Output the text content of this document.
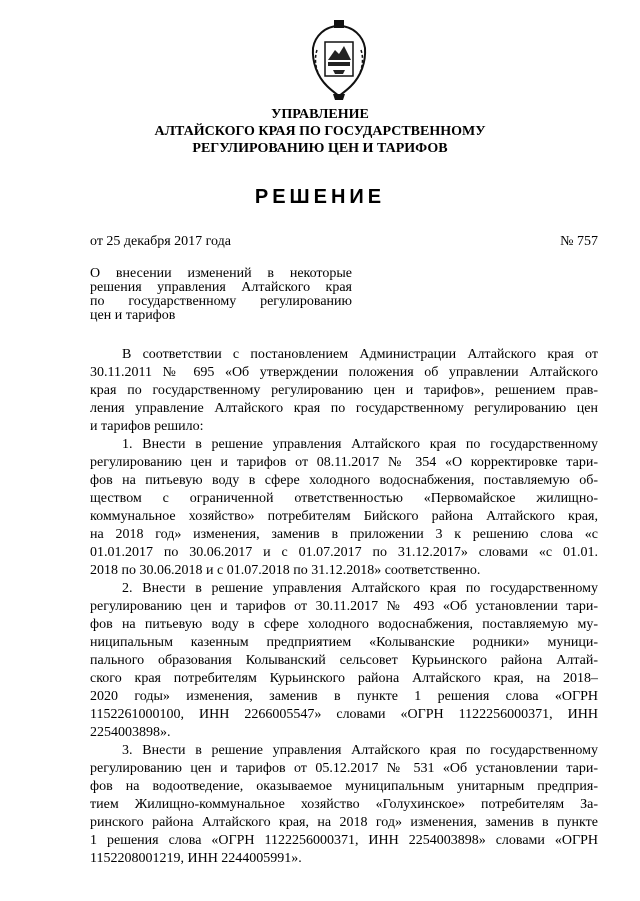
УПРАВЛЕНИЕ
АЛТАЙСКОГО КРАЯ ПО ГОСУДАРСТВЕННОМУ
РЕГУЛИРОВАНИЮ ЦЕН И ТАРИФОВ
РЕШЕНИЕ
от 25 декабря 2017 года	№ 757
О внесении изменений в некоторые
решения управления Алтайского края
по государственному регулированию
цен и тарифов
В соответствии с постановлением Администрации Алтайского края от
30.11.2011 № 695 «Об утверждении положения об управлении Алтайского
края по государственному регулированию цен и тарифов», решением прав-
ления управление Алтайского края по государственному регулированию цен
и тарифов решило:
1. Внести в решение управления Алтайского края по государственному
регулированию цен и тарифов от 08.11.2017 № 354 «О корректировке тари-
фов на питьевую воду в сфере холодного водоснабжения, поставляемую об-
ществом с ограниченной ответственностью «Первомайское жилищно-
коммунальное хозяйство» потребителям Бийского района Алтайского края,
на 2018 год» изменения, заменив в приложении 3 к решению слова «с
01.01.2017 по 30.06.2017 и с 01.07.2017 по 31.12.2017» словами «с 01.01.
2018 по 30.06.2018 и с 01.07.2018 по 31.12.2018» соответственно.
2. Внести в решение управления Алтайского края по государственному
регулированию цен и тарифов от 30.11.2017 № 493 «Об установлении тари-
фов на питьевую воду в сфере холодного водоснабжения, поставляемую му-
ниципальным казенным предприятием «Колыванские родники» муници-
пального образования Колыванский сельсовет Курьинского района Алтай-
ского края потребителям Курьинского района Алтайского края, на 2018–
2020 годы» изменения, заменив в пункте 1 решения слова «ОГРН
1152261000100, ИНН 2266005547» словами «ОГРН 1122256000371, ИНН
2254003898».
3. Внести в решение управления Алтайского края по государственному
регулированию цен и тарифов от 05.12.2017 № 531 «Об установлении тари-
фов на водоотведение, оказываемое муниципальным унитарным предприя-
тием Жилищно-коммунальное хозяйство «Голухинское» потребителям За-
ринского района Алтайского края, на 2018 год» изменения, заменив в пункте
1 решения слова «ОГРН 1122256000371, ИНН 2254003898» словами «ОГРН
1152208001219, ИНН 2244005991».
